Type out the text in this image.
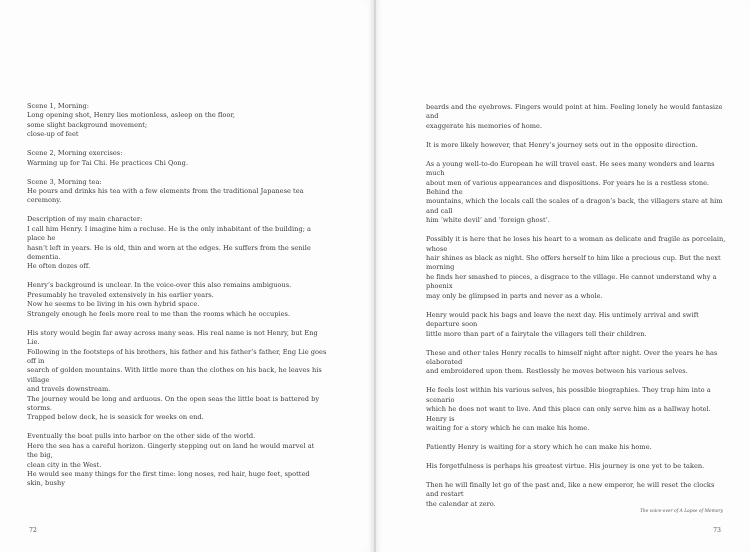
Scene 1, Morning:
Long opening shot, Henry lies motionless, asleep on the floor,
some slight background movement;
close-up of feet

Scene 2, Morning exercises:
Warming up for Tai Chi. He practices Chi Qong.

Scene 3, Morning tea:
He pours and drinks his tea with a few elements from the traditional Japanese tea ceremony.

Description of my main character:
I call him Henry. I imagine him a recluse. He is the only inhabitant of the building; a place he
hasn’t left in years. He is old, thin and worn at the edges. He suffers from the senile dementia.
He often dozes off.

Henry’s background is unclear. In the voice-over this also remains ambiguous.
Presumably he traveled extensively in his earlier years.
Now he seems to be living in his own hybrid space.
Strangely enough he feels more real to me than the rooms which he occupies.

His story would begin far away across many seas. His real name is not Henry, but Eng Lie.
Following in the footsteps of his brothers, his father and his father’s father, Eng Lie goes off in
search of golden mountains. With little more than the clothes on his back, he leaves his village
and travels downstream.
The journey would be long and arduous. On the open seas the little boat is battered by storms.
Trapped below deck, he is seasick for weeks on end.

Eventually the boat pulls into harbor on the other side of the world.
Here the sea has a careful horizon. Gingerly stepping out on land he would marvel at the big,
clean city in the West.
He would see many things for the first time: long noses, red hair, huge feet, spotted skin, bushy

72

beards and the eyebrows. Fingers would point at him. Feeling lonely he would fantasize and
exaggerate his memories of home.

It is more likely however, that Henry’s journey sets out in the opposite direction.

As a young well-to-do European he will travel east. He sees many wonders and learns much
about men of various appearances and dispositions. For years he is a restless stone. Behind the
mountains, which the locals call the scales of a dragon’s back, the villagers stare at him and call
him ‘white devil’ and ‘foreign ghost’.

Possibly it is here that he loses his heart to a woman as delicate and fragile as porcelain, whose
hair shines as black as night. She offers herself to him like a precious cup. But the next morning
he finds her smashed to pieces, a disgrace to the village. He cannot understand why a phoenix
may only be glimpsed in parts and never as a whole.

Henry would pack his bags and leave the next day. His untimely arrival and swift departure soon
little more than part of a fairytale the villagers tell their children.

These and other tales Henry recalls to himself night after night. Over the years he has elaborated
and embroidered upon them. Restlessly he moves between his various selves.

He feels lost within his various selves, his possible biographies. They trap him into a scenario
which he does not want to live. And this place can only serve him as a hallway hotel. Henry is
waiting for a story which he can make his home.

Patiently Henry is waiting for a story which he can make his home.

His forgetfulness is perhaps his greatest virtue. His journey is one yet to be taken.

Then he will finally let go of the past and, like a new emperor, he will reset the clocks and restart
the calendar at zero.

The voice-over of A Lapse of Memory
73
